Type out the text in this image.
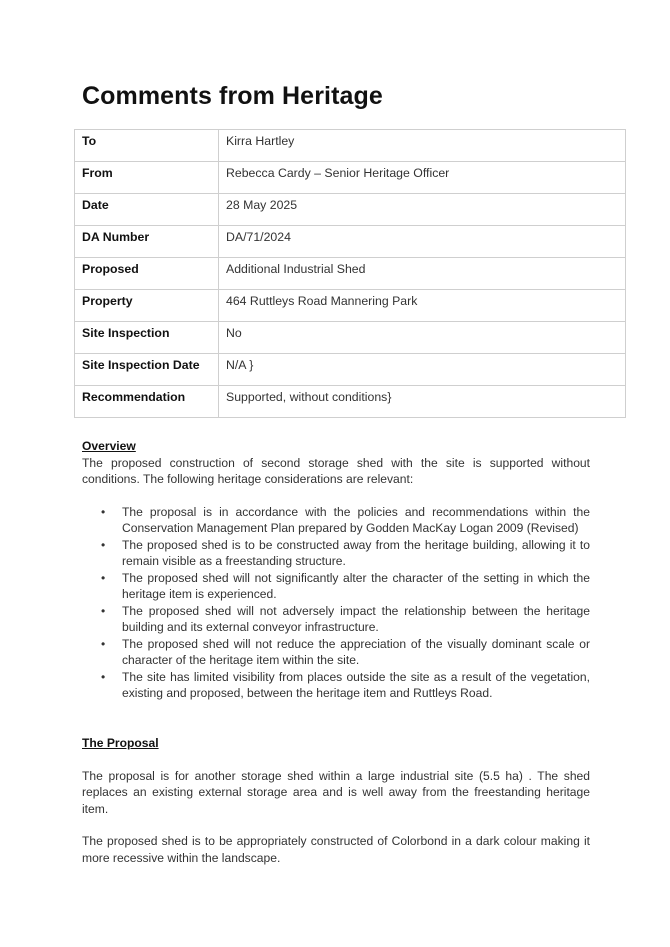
Comments from Heritage
To	Kirra Hartley
From	Rebecca Cardy – Senior Heritage Officer
Date	28 May 2025
DA Number	DA/71/2024
Proposed	Additional Industrial Shed
Property	464 Ruttleys Road Mannering Park
Site Inspection	No
Site Inspection Date	N/A }
Recommendation	Supported, without conditions}
Overview
The proposed construction of second storage shed with the site is supported without conditions. The following heritage considerations are relevant:
• The proposal is in accordance with the policies and recommendations within the Conservation Management Plan prepared by Godden MacKay Logan 2009 (Revised)
• The proposed shed is to be constructed away from the heritage building, allowing it to remain visible as a freestanding structure.
• The proposed shed will not significantly alter the character of the setting in which the heritage item is experienced.
• The proposed shed will not adversely impact the relationship between the heritage building and its external conveyor infrastructure.
• The proposed shed will not reduce the appreciation of the visually dominant scale or character of the heritage item within the site.
• The site has limited visibility from places outside the site as a result of the vegetation, existing and proposed, between the heritage item and Ruttleys Road.
The Proposal
The proposal is for another storage shed within a large industrial site (5.5 ha) . The shed replaces an existing external storage area and is well away from the freestanding heritage item.
The proposed shed is to be appropriately constructed of Colorbond in a dark colour making it more recessive within the landscape.
